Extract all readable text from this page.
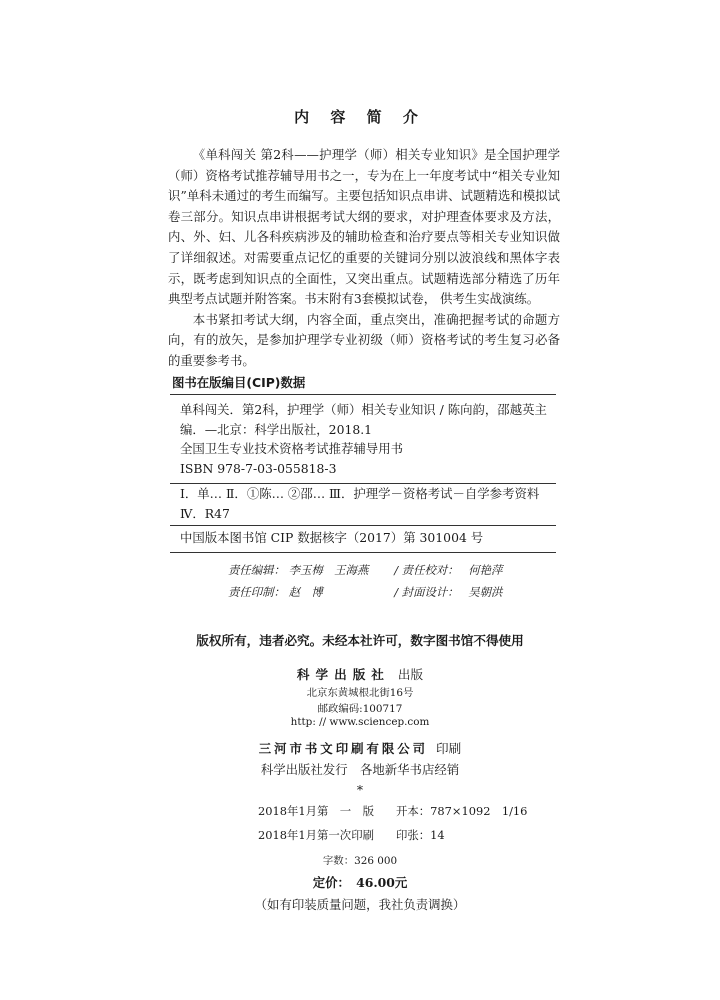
内 容 简 介

《单科闯关 第2科——护理学（师）相关专业知识》是全国护理学（师）资格考试推荐辅导用书之一，专为在上一年度考试中“相关专业知识”单科未通过的考生而编写。主要包括知识点串讲、试题精选和模拟试卷三部分。知识点串讲根据考试大纲的要求，对护理查体要求及方法，内、外、妇、儿各科疾病涉及的辅助检查和治疗要点等相关专业知识做了详细叙述。对需要重点记忆的重要的关键词分别以波浪线和黑体字表示，既考虑到知识点的全面性，又突出重点。试题精选部分精选了历年典型考点试题并附答案。书末附有3套模拟试卷， 供考生实战演练。

本书紧扣考试大纲，内容全面，重点突出，准确把握考试的命题方向，有的放矢，是参加护理学专业初级（师）资格考试的考生复习必备的重要参考书。

图书在版编目(CIP)数据
单科闯关．第2科，护理学（师）相关专业知识 / 陈向韵，邵越英主
编．—北京：科学出版社，2018.1
全国卫生专业技术资格考试推荐辅导用书
ISBN 978-7-03-055818-3
Ⅰ．单… Ⅱ．①陈… ②邵… Ⅲ．护理学－资格考试－自学参考资料
Ⅳ．R47
中国版本图书馆 CIP 数据核字（2017）第 301004 号
责任编辑： 李玉梅　王海燕 / 责任校对： 何艳萍
责任印制： 赵　博	/ 封面设计： 吴朝洪
版权所有，违者必究。未经本社许可，数字图书馆不得使用
科学出版社 出版
北京东黄城根北街16号
邮政编码:100717
http: // www.sciencep.com
三河市书文印刷有限公司 印刷
科学出版社发行　各地新华书店经销
*
2018年1月第　一　版 开本：787×1092　1/16
2018年1月第一次印刷 印张：14
字数：326 000
定价：　46.00元
（如有印装质量问题，我社负责调换）
